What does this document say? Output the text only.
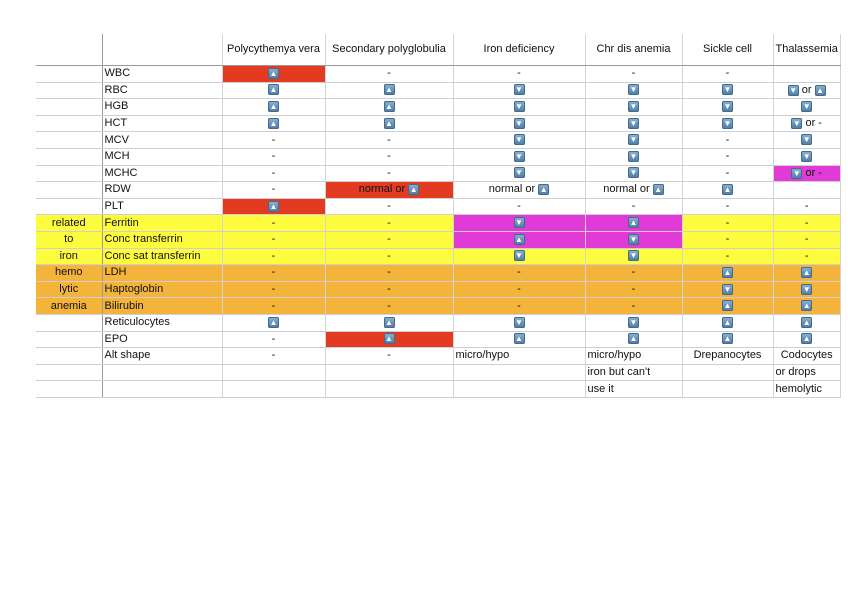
		Polycythemya vera	Secondary polyglobulia	Iron deficiency	Chr dis anemia	Sickle cell	Thalassemia
	WBC	▲	-	-	-	-	
	RBC	▲	▲	▼	▼	▼	▼ or ▲
	HGB	▲	▲	▼	▼	▼	▼
	HCT	▲	▲	▼	▼	▼	▼ or -
	MCV	-	-	▼	▼	-	▼
	MCH	-	-	▼	▼	-	▼
	MCHC	-	-	▼	▼	-	▼ or -
	RDW	-	normal or ▲	normal or ▲	normal or ▲	▲	
	PLT	▲	-	-	-	-	-
related	Ferritin	-	-	▼	▲	-	-
to	Conc transferrin	-	-	▲	▼	-	-
iron	Conc sat transferrin	-	-	▼	▼	-	-
hemo	LDH	-	-	-	-	▲	▲
lytic	Haptoglobin	-	-	-	-	▼	▼
anemia	Bilirubin	-	-	-	-	▲	▲
	Reticulocytes	▲	▲	▼	▼	▲	▲
	EPO	-	▲	▲	▲	▲	▲
	Alt shape	-	-	micro/hypo	micro/hypo	Drepanocytes	Codocytes
					iron but can't		or drops
					use it		hemolytic
